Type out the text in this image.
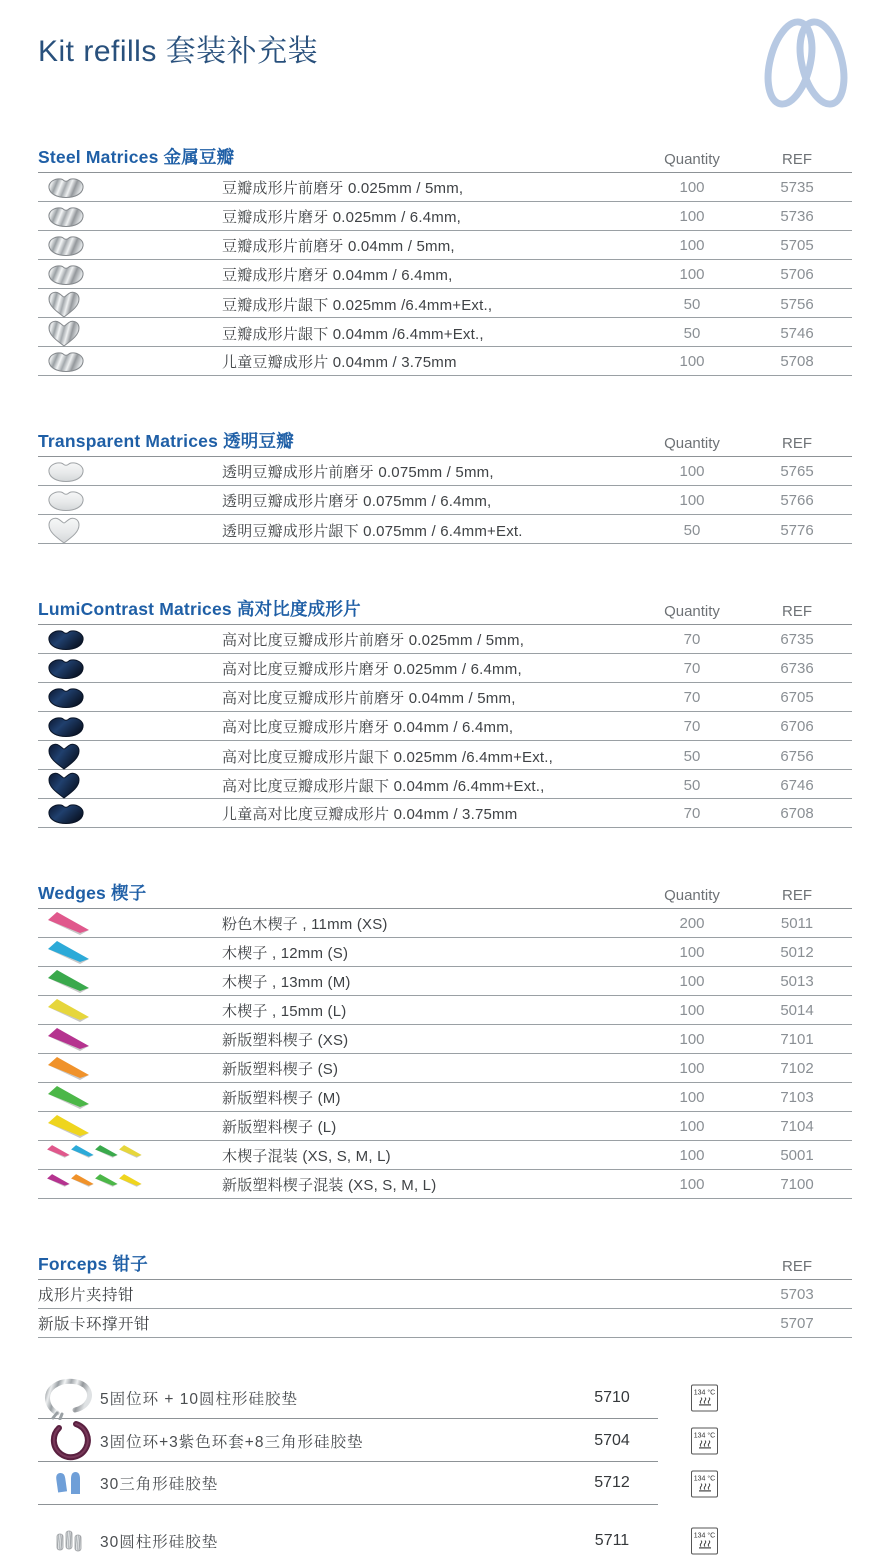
Kit refills 套装补充装
Steel Matrices 金属豆瓣	Quantity	REF
豆瓣成形片前磨牙 0.025mm / 5mm,	100	5735
豆瓣成形片磨牙 0.025mm / 6.4mm,	100	5736
豆瓣成形片前磨牙 0.04mm / 5mm,	100	5705
豆瓣成形片磨牙 0.04mm / 6.4mm,	100	5706
豆瓣成形片龈下 0.025mm /6.4mm+Ext.,	50	5756
豆瓣成形片龈下 0.04mm /6.4mm+Ext.,	50	5746
儿童豆瓣成形片 0.04mm / 3.75mm	100	5708
Transparent Matrices 透明豆瓣	Quantity	REF
透明豆瓣成形片前磨牙 0.075mm / 5mm,	100	5765
透明豆瓣成形片磨牙 0.075mm / 6.4mm,	100	5766
透明豆瓣成形片龈下 0.075mm / 6.4mm+Ext.	50	5776
LumiContrast Matrices 高对比度成形片	Quantity	REF
高对比度豆瓣成形片前磨牙 0.025mm / 5mm,	70	6735
高对比度豆瓣成形片磨牙 0.025mm / 6.4mm,	70	6736
高对比度豆瓣成形片前磨牙 0.04mm / 5mm,	70	6705
高对比度豆瓣成形片磨牙 0.04mm / 6.4mm,	70	6706
高对比度豆瓣成形片龈下 0.025mm /6.4mm+Ext.,	50	6756
高对比度豆瓣成形片龈下 0.04mm /6.4mm+Ext.,	50	6746
儿童高对比度豆瓣成形片 0.04mm / 3.75mm	70	6708
Wedges 楔子	Quantity	REF
粉色木楔子 , 11mm (XS)	200	5011
木楔子 , 12mm (S)	100	5012
木楔子 , 13mm (M)	100	5013
木楔子 , 15mm (L)	100	5014
新版塑料楔子 (XS)	100	7101
新版塑料楔子 (S)	100	7102
新版塑料楔子 (M)	100	7103
新版塑料楔子 (L)	100	7104
木楔子混装 (XS, S, M, L)	100	5001
新版塑料楔子混装 (XS, S, M, L)	100	7100
Forceps 钳子	REF
成形片夹持钳	5703
新版卡环撑开钳	5707
5固位环 + 10圆柱形硅胶垫	5710	134 °C
3固位环+3紫色环套+8三角形硅胶垫	5704	134 °C
30三角形硅胶垫	5712	134 °C
30圆柱形硅胶垫	5711	134 °C
